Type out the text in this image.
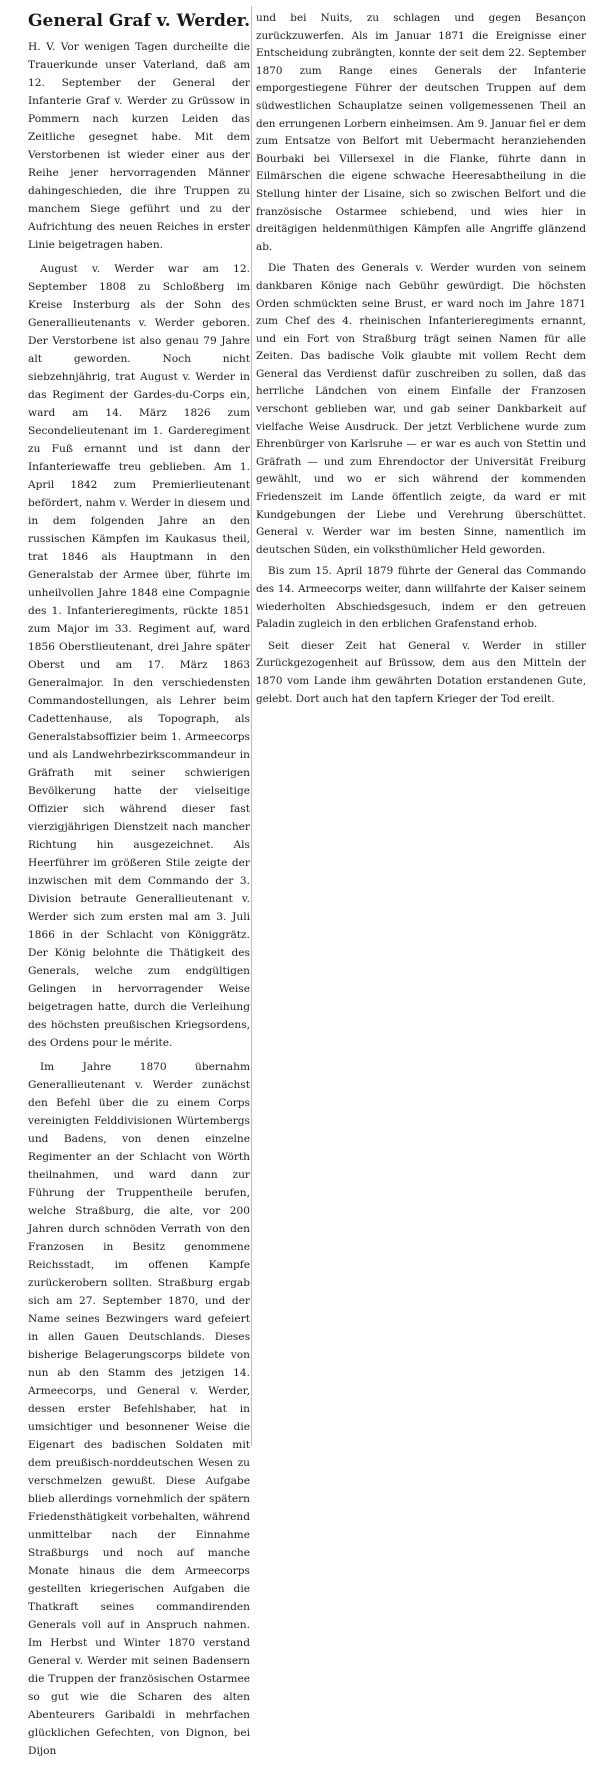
General Graf v. Werder.

H. V. Vor wenigen Tagen durcheilte die Trauerkunde unser Vaterland, daß am 12. September der General der Infanterie Graf v. Werder zu Grüssow in Pommern nach kurzen Leiden das Zeitliche gesegnet habe. Mit dem Verstorbenen ist wieder einer aus der Reihe jener hervorragenden Männer dahingeschieden, die ihre Truppen zu manchem Siege geführt und zu der Aufrichtung des neuen Reiches in erster Linie beigetragen haben.

August v. Werder war am 12. September 1808 zu Schloßberg im Kreise Insterburg als der Sohn des Generallieutenants v. Werder geboren. Der Verstorbene ist also genau 79 Jahre alt geworden. Noch nicht siebzehnjährig, trat August v. Werder in das Regiment der Gardes-du-Corps ein, ward am 14. März 1826 zum Secondelieutenant im 1. Garderegiment zu Fuß ernannt und ist dann der Infanteriewaffe treu geblieben. Am 1. April 1842 zum Premierlieutenant befördert, nahm v. Werder in diesem und in dem folgenden Jahre an den russischen Kämpfen im Kaukasus theil, trat 1846 als Hauptmann in den Generalstab der Armee über, führte im unheilvollen Jahre 1848 eine Compagnie des 1. Infanterieregiments, rückte 1851 zum Major im 33. Regiment auf, ward 1856 Oberstlieutenant, drei Jahre später Oberst und am 17. März 1863 Generalmajor. In den verschiedensten Commandostellungen, als Lehrer beim Cadettenhause, als Topograph, als Generalstabsoffizier beim 1. Armeecorps und als Landwehrbezirkscommandeur in Gräfrath mit seiner schwierigen Bevölkerung hatte der vielseitige Offizier sich während dieser fast vierzigjährigen Dienstzeit nach mancher Richtung hin ausgezeichnet. Als Heerführer im größeren Stile zeigte der inzwischen mit dem Commando der 3. Division betraute Generallieutenant v. Werder sich zum ersten mal am 3. Juli 1866 in der Schlacht von Königgrätz. Der König belohnte die Thätigkeit des Generals, welche zum endgültigen Gelingen in hervorragender Weise beigetragen hatte, durch die Verleihung des höchsten preußischen Kriegsordens, des Ordens pour le mérite.

Im Jahre 1870 übernahm Generallieutenant v. Werder zunächst den Befehl über die zu einem Corps vereinigten Felddivisionen Würtembergs und Badens, von denen einzelne Regimenter an der Schlacht von Wörth theilnahmen, und ward dann zur Führung der Truppentheile berufen, welche Straßburg, die alte, vor 200 Jahren durch schnöden Verrath von den Franzosen in Besitz genommene Reichsstadt, im offenen Kampfe zurückerobern sollten. Straßburg ergab sich am 27. September 1870, und der Name seines Bezwingers ward gefeiert in allen Gauen Deutschlands. Dieses bisherige Belagerungscorps bildete von nun ab den Stamm des jetzigen 14. Armeecorps, und General v. Werder, dessen erster Befehlshaber, hat in umsichtiger und besonnener Weise die Eigenart des badischen Soldaten mit dem preußisch-norddeutschen Wesen zu verschmelzen gewußt. Diese Aufgabe blieb allerdings vornehmlich der spätern Friedensthätigkeit vorbehalten, während unmittelbar nach der Einnahme Straßburgs und noch auf manche Monate hinaus die dem Armeecorps gestellten kriegerischen Aufgaben die Thatkraft seines commandirenden Generals voll auf in Anspruch nahmen. Im Herbst und Winter 1870 verstand General v. Werder mit seinen Badensern die Truppen der französischen Ostarmee so gut wie die Scharen des alten Abenteurers Garibaldi in mehrfachen glücklichen Gefechten, von Dignon, bei Dijon

und bei Nuits, zu schlagen und gegen Besançon zurückzuwerfen. Als im Januar 1871 die Ereignisse einer Entscheidung zubrängten, konnte der seit dem 22. September 1870 zum Range eines Generals der Infanterie emporgestiegene Führer der deutschen Truppen auf dem südwestlichen Schauplatze seinen vollgemessenen Theil an den errungenen Lorbern einheimsen. Am 9. Januar fiel er dem zum Entsatze von Belfort mit Uebermacht heranziehenden Bourbaki bei Villersexel in die Flanke, führte dann in Eilmärschen die eigene schwache Heeresabtheilung in die Stellung hinter der Lisaine, sich so zwischen Belfort und die französische Ostarmee schiebend, und wies hier in dreitägigen heldenmüthigen Kämpfen alle Angriffe glänzend ab.

Die Thaten des Generals v. Werder wurden von seinem dankbaren Könige nach Gebühr gewürdigt. Die höchsten Orden schmückten seine Brust, er ward noch im Jahre 1871 zum Chef des 4. rheinischen Infanterieregiments ernannt, und ein Fort von Straßburg trägt seinen Namen für alle Zeiten. Das badische Volk glaubte mit vollem Recht dem General das Verdienst dafür zuschreiben zu sollen, daß das herrliche Ländchen von einem Einfalle der Franzosen verschont geblieben war, und gab seiner Dankbarkeit auf vielfache Weise Ausdruck. Der jetzt Verblichene wurde zum Ehrenbürger von Karlsruhe — er war es auch von Stettin und Gräfrath — und zum Ehrendoctor der Universität Freiburg gewählt, und wo er sich während der kommenden Friedenszeit im Lande öffentlich zeigte, da ward er mit Kundgebungen der Liebe und Verehrung überschüttet. General v. Werder war im besten Sinne, namentlich im deutschen Süden, ein volksthümlicher Held geworden.

Bis zum 15. April 1879 führte der General das Commando des 14. Armeecorps weiter, dann willfahrte der Kaiser seinem wiederholten Abschiedsgesuch, indem er den getreuen Paladin zugleich in den erblichen Grafenstand erhob.

Seit dieser Zeit hat General v. Werder in stiller Zurückgezogenheit auf Brüssow, dem aus den Mitteln der 1870 vom Lande ihm gewährten Dotation erstandenen Gute, gelebt. Dort auch hat den tapfern Krieger der Tod ereilt.
